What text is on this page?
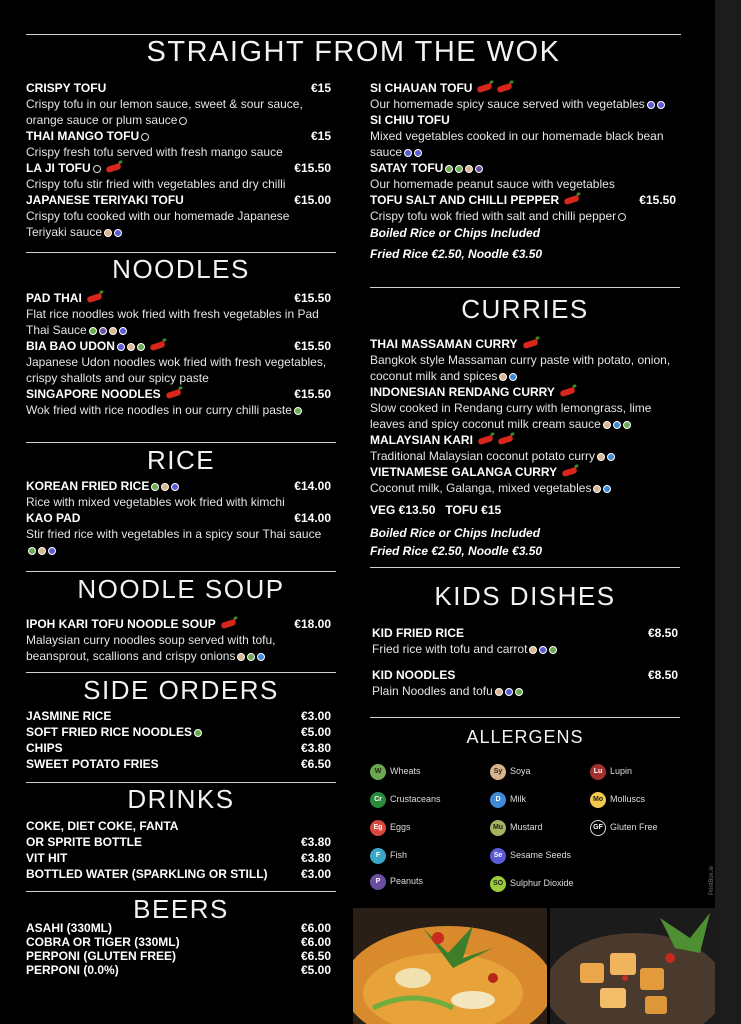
PrintBox.ie
STRAIGHT FROM THE WOK
CRISPY TOFU	€15
Crispy tofu in our lemon sauce, sweet & sour sauce, orange sauce or plum sauce
THAI MANGO TOFU	€15
Crispy fresh tofu served with fresh mango sauce
LA JI TOFU	€15.50
Crispy tofu stir fried with vegetables and dry chilli
JAPANESE TERIYAKI TOFU	€15.00
Crispy tofu cooked with our homemade Japanese Teriyaki sauce
NOODLES
PAD THAI	€15.50
Flat rice noodles wok fried with fresh vegetables in Pad Thai Sauce
BIA BAO UDON	€15.50
Japanese Udon noodles wok fried with fresh vegetables, crispy shallots and our spicy paste
SINGAPORE NOODLES	€15.50
Wok fried with rice noodles in our curry chilli paste
RICE
KOREAN FRIED RICE	€14.00
Rice with mixed vegetables wok fried with kimchi
KAO PAD	€14.00
Stir fried rice with vegetables in a spicy sour Thai sauce
NOODLE SOUP
IPOH KARI TOFU NOODLE SOUP	€18.00
Malaysian curry noodles soup served with tofu, beansprout, scallions and crispy onions
SIDE ORDERS
JASMINE RICE	€3.00
SOFT FRIED RICE NOODLES	€5.00
CHIPS	€3.80
SWEET POTATO FRIES	€6.50
DRINKS
COKE, DIET COKE, FANTA
OR SPRITE BOTTLE	€3.80
VIT HIT	€3.80
BOTTLED WATER (SPARKLING OR STILL)	€3.00
BEERS
ASAHI (330ML)	€6.00
COBRA OR TIGER (330ML)	€6.00
PERPONI (GLUTEN FREE)	€6.50
PERPONI (0.0%)	€5.00
SI CHAUAN TOFU
Our homemade spicy sauce served with vegetables
SI CHIU TOFU
Mixed vegetables cooked in our homemade black bean sauce
SATAY TOFU
Our homemade peanut sauce with vegetables
TOFU SALT AND CHILLI PEPPER	€15.50
Crispy tofu wok fried with salt and chilli pepper
Boiled Rice or Chips Included
Fried Rice €2.50, Noodle €3.50
CURRIES
THAI MASSAMAN CURRY
Bangkok style Massaman curry paste with potato, onion, coconut milk and spices
INDONESIAN RENDANG CURRY
Slow cooked in Rendang curry with lemongrass, lime leaves and spicy coconut milk cream sauce
MALAYSIAN KARI
Traditional Malaysian coconut potato curry
VIETNAMESE GALANGA CURRY
Coconut milk, Galanga, mixed vegetables
VEG €13.50 TOFU €15
Boiled Rice or Chips Included
Fried Rice €2.50, Noodle €3.50
KIDS DISHES
KID FRIED RICE	€8.50
Fried rice with tofu and carrot
KID NOODLES	€8.50
Plain Noodles and tofu
ALLERGENS
W Wheats	Sy Soya	Lu Lupin
Cr Crustaceans	D Milk	Mo Molluscs
Eg Eggs	Mu Mustard	GF Gluten Free
F Fish	Se Sesame Seeds
P Peanuts	SO Sulphur Dioxide
